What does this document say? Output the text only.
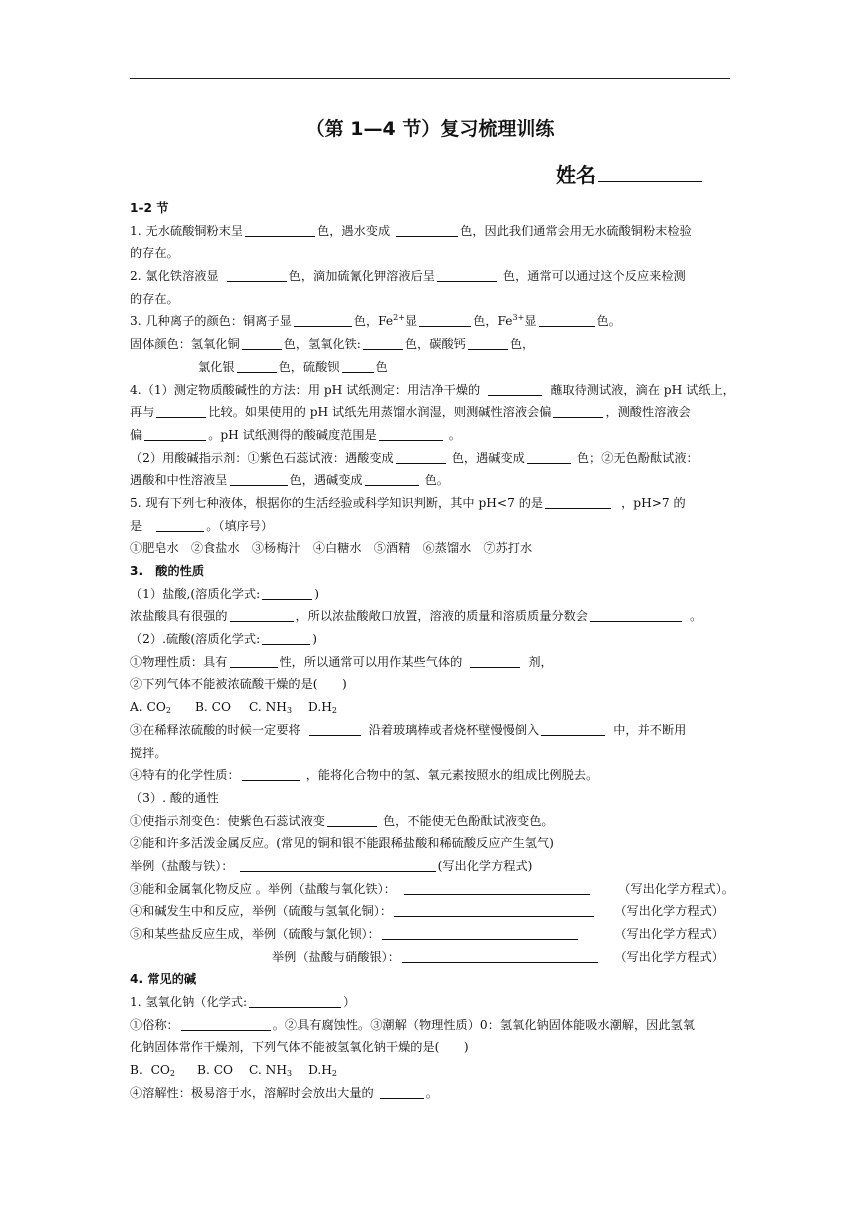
（第 1—4 节）复习梳理训练
姓名
1-2 节
1. 无水硫酸铜粉末呈	色，遇水变成	色，因此我们通常会用无水硫酸铜粉末检验
的存在。
2. 氯化铁溶液显	色，滴加硫氰化钾溶液后呈	色，通常可以通过这个反应来检测
的存在。
3. 几种离子的颜色：铜离子显	色，$Fe^{2+}$显	色，$Fe^{3+}$显	色。
固体颜色：氢氧化铜	色，氢氧化铁:	色，碳酸钙	色，
氯化银	色，硫酸钡	色
4.（1）测定物质酸碱性的方法：用 pH 试纸测定：用洁净干燥的	蘸取待测试液，滴在 pH 试纸上，
再与	比较。如果使用的 pH 试纸先用蒸馏水润湿，则测碱性溶液会偏	，测酸性溶液会
偏	。pH 试纸测得的酸碱度范围是	。
（2）用酸碱指示剂：①紫色石蕊试液：遇酸变成	色，遇碱变成	色；②无色酚酞试液：
遇酸和中性溶液呈	色，遇碱变成	色。
5. 现有下列七种液体，根据你的生活经验或科学知识判断，其中 pH<7 的是	，pH>7 的
是	。（填序号）
①肥皂水　②食盐水　③杨梅汁　④白糖水　⑤酒精　⑥蒸馏水　⑦苏打水
3.　酸的性质
（1）盐酸,(溶质化学式:	)
浓盐酸具有很强的	，所以浓盐酸敞口放置，溶液的质量和溶质质量分数会	。
（2）.硫酸(溶质化学式:	)
①物理性质：具有	性，所以通常可以用作某些气体的	剂，
②下列气体不能被浓硫酸干燥的是(　　)
A. $CO_2$ B. CO C. $NH_3$ $D.H_2$
③在稀释浓硫酸的时候一定要将	沿着玻璃棒或者烧杯壁慢慢倒入	中，并不断用
搅拌。
④特有的化学性质：	，能将化合物中的氢、氧元素按照水的组成比例脱去。
（3）. 酸的通性
①使指示剂变色：使紫色石蕊试液变	色，不能使无色酚酞试液变色。
②能和许多活泼金属反应。(常见的铜和银不能跟稀盐酸和稀硫酸反应产生氢气)
举例（盐酸与铁）：	(写出化学方程式)
③能和金属氧化物反应 。举例（盐酸与氧化铁）：	（写出化学方程式）。
④和碱发生中和反应，举例（硫酸与氢氧化铜）：	（写出化学方程式）
⑤和某些盐反应生成，举例（硫酸与氯化钡）：	（写出化学方程式）
举例（盐酸与硝酸银）：	（写出化学方程式）
4. 常见的碱
1. 氢氧化钠（化学式:	）
①俗称：	。②具有腐蚀性。③潮解（物理性质）0：氢氧化钠固体能吸水潮解，因此氢氧
化钠固体常作干燥剂，下列气体不能被氢氧化钠干燥的是(　　)
B.  $CO_2$ B. CO C. $NH_3$ $D.H_2$
④溶解性：极易溶于水，溶解时会放出大量的	。
